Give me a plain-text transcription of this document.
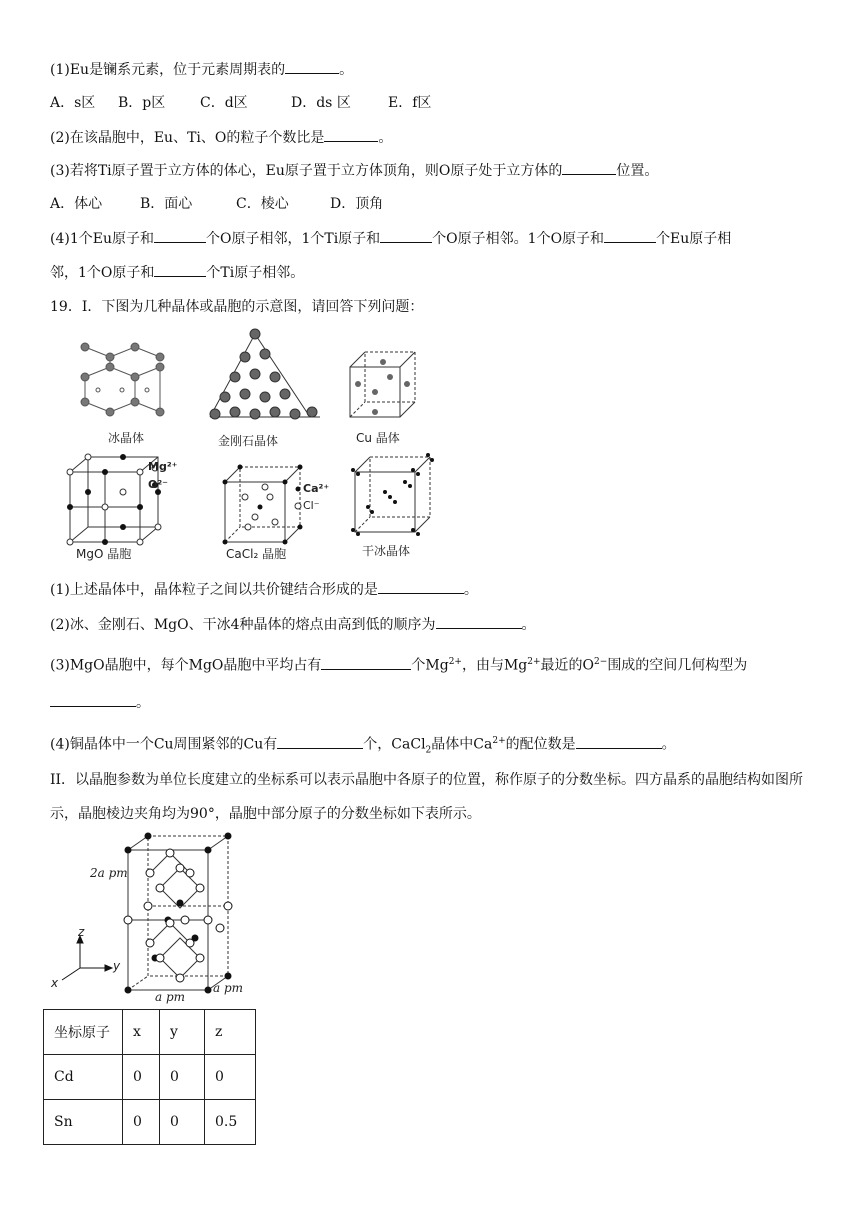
(1)Eu是镧系元素，位于元素周期表的	。
A．s区 B．p区 C．d区	D．ds 区	E．f区
(2)在该晶胞中，Eu、Ti、O的粒子个数比是	。
(3)若将Ti原子置于立方体的体心，Eu原子置于立方体顶角，则O原子处于立方体的	位置。
A．体心	B．面心	C．棱心	D．顶角
(4)1个Eu原子和	个O原子相邻，1个Ti原子和	个O原子相邻。1个O原子和	个Eu原子相
邻，1个O原子和	个Ti原子相邻。
19．I．下图为几种晶体或晶胞的示意图，请回答下列问题：
冰晶体	金刚石晶体	Cu 晶体
Mg²⁺
O²⁻	Ca²⁺
Cl⁻
MgO 晶胞	CaCl₂ 晶胞	干冰晶体
(1)上述晶体中，晶体粒子之间以共价键结合形成的是	。
(2)冰、金刚石、MgO、干冰4种晶体的熔点由高到低的顺序为	。
(3)MgO晶胞中，每个MgO晶胞中平均占有	个$Mg^{2+}$，由与$Mg^{2+}$最近的$O^{2-}$围成的空间几何构型为
。
(4)铜晶体中一个Cu周围紧邻的Cu有	个，CaCl$_2$晶体中$Ca^{2+}$的配位数是	。
II．以晶胞参数为单位长度建立的坐标系可以表示晶胞中各原子的位置，称作原子的分数坐标。四方晶系的晶胞结构如图所示，晶胞棱边夹角均为90°，晶胞中部分原子的分数坐标如下表所示。
2a pm
z
y
x
a pm
a pm
坐标原子	x	y	z
Cd	0	0	0
Sn	0	0	0.5
